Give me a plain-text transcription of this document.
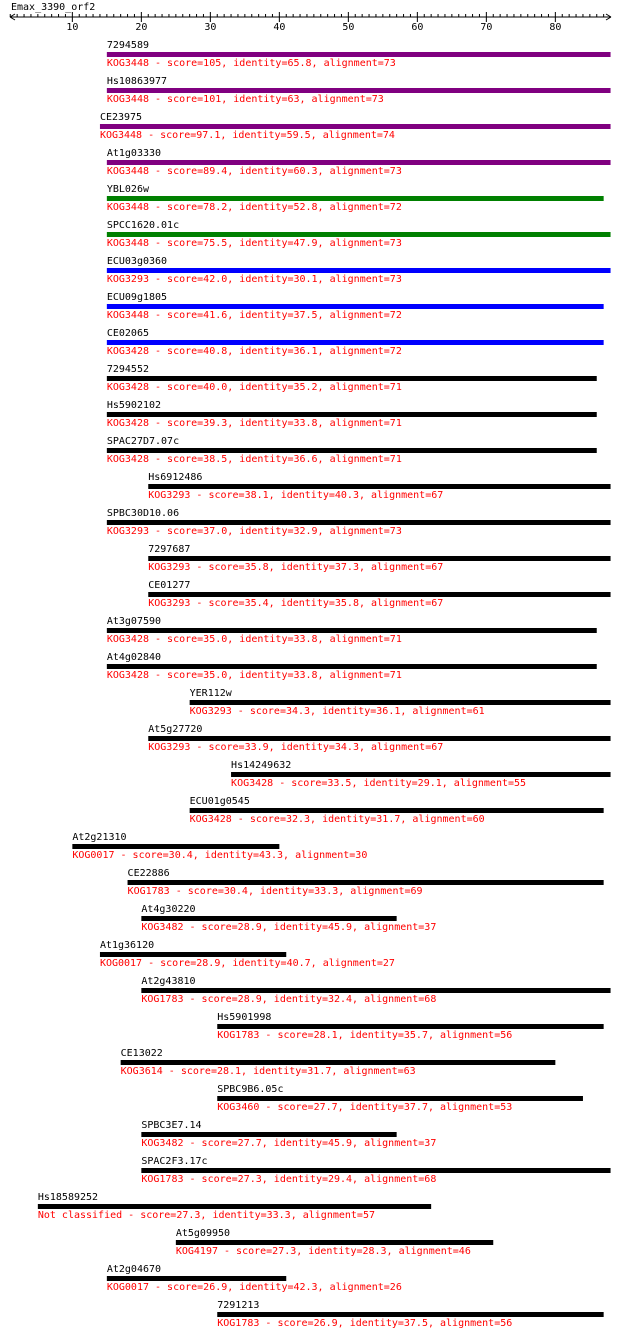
Emax_3390_orf2
10	20	30	40	50	60	70	80
7294589
KOG3448 - score=105, identity=65.8, alignment=73
Hs10863977
KOG3448 - score=101, identity=63, alignment=73
CE23975
KOG3448 - score=97.1, identity=59.5, alignment=74
At1g03330
KOG3448 - score=89.4, identity=60.3, alignment=73
YBL026w
KOG3448 - score=78.2, identity=52.8, alignment=72
SPCC1620.01c
KOG3448 - score=75.5, identity=47.9, alignment=73
ECU03g0360
KOG3293 - score=42.0, identity=30.1, alignment=73
ECU09g1805
KOG3448 - score=41.6, identity=37.5, alignment=72
CE02065
KOG3428 - score=40.8, identity=36.1, alignment=72
7294552
KOG3428 - score=40.0, identity=35.2, alignment=71
Hs5902102
KOG3428 - score=39.3, identity=33.8, alignment=71
SPAC27D7.07c
KOG3428 - score=38.5, identity=36.6, alignment=71
Hs6912486
KOG3293 - score=38.1, identity=40.3, alignment=67
SPBC30D10.06
KOG3293 - score=37.0, identity=32.9, alignment=73
7297687
KOG3293 - score=35.8, identity=37.3, alignment=67
CE01277
KOG3293 - score=35.4, identity=35.8, alignment=67
At3g07590
KOG3428 - score=35.0, identity=33.8, alignment=71
At4g02840
KOG3428 - score=35.0, identity=33.8, alignment=71
YER112w
KOG3293 - score=34.3, identity=36.1, alignment=61
At5g27720
KOG3293 - score=33.9, identity=34.3, alignment=67
Hs14249632
KOG3428 - score=33.5, identity=29.1, alignment=55
ECU01g0545
KOG3428 - score=32.3, identity=31.7, alignment=60
At2g21310
KOG0017 - score=30.4, identity=43.3, alignment=30
CE22886
KOG1783 - score=30.4, identity=33.3, alignment=69
At4g30220
KOG3482 - score=28.9, identity=45.9, alignment=37
At1g36120
KOG0017 - score=28.9, identity=40.7, alignment=27
At2g43810
KOG1783 - score=28.9, identity=32.4, alignment=68
Hs5901998
KOG1783 - score=28.1, identity=35.7, alignment=56
CE13022
KOG3614 - score=28.1, identity=31.7, alignment=63
SPBC9B6.05c
KOG3460 - score=27.7, identity=37.7, alignment=53
SPBC3E7.14
KOG3482 - score=27.7, identity=45.9, alignment=37
SPAC2F3.17c
KOG1783 - score=27.3, identity=29.4, alignment=68
Hs18589252
Not classified - score=27.3, identity=33.3, alignment=57
At5g09950
KOG4197 - score=27.3, identity=28.3, alignment=46
At2g04670
KOG0017 - score=26.9, identity=42.3, alignment=26
7291213
KOG1783 - score=26.9, identity=37.5, alignment=56
